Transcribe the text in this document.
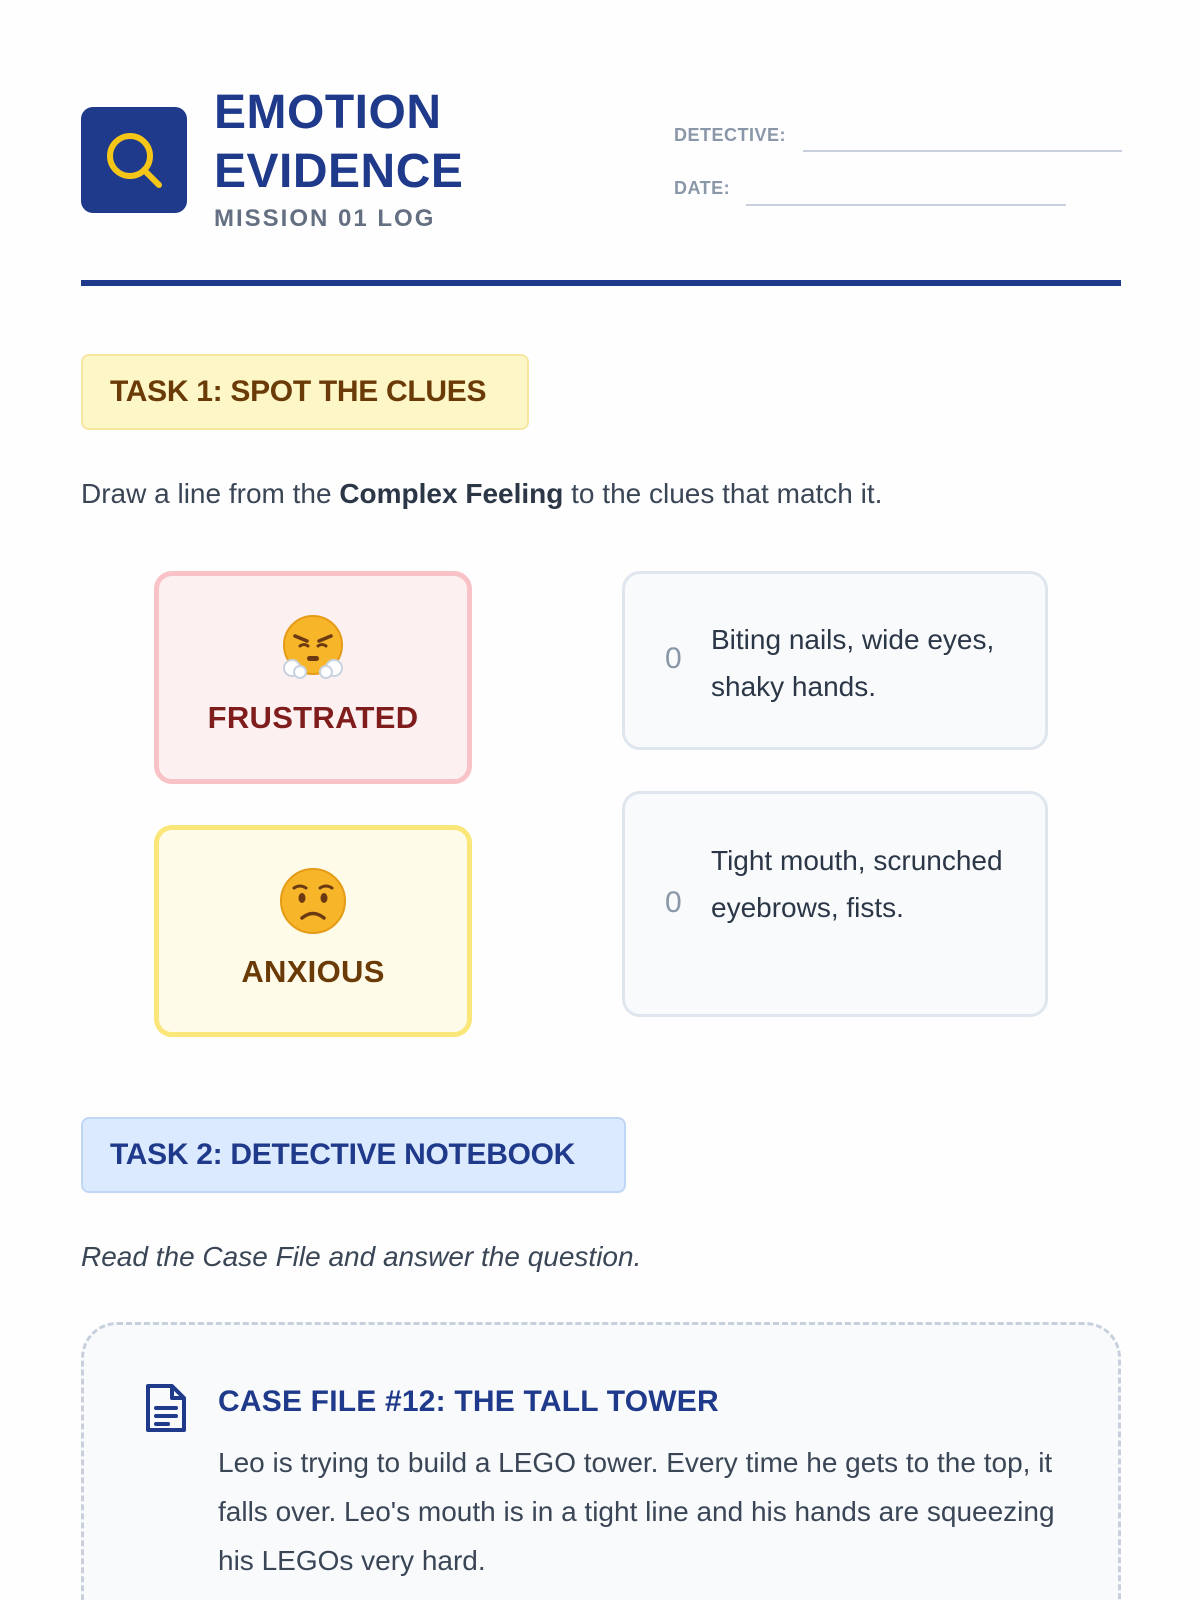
EMOTION
EVIDENCE
MISSION 01 LOG
DETECTIVE:
DATE:
TASK 1: SPOT THE CLUES
Draw a line from the Complex Feeling to the clues that match it.
FRUSTRATED
ANXIOUS
0
Biting nails, wide eyes, shaky hands.
0
Tight mouth, scrunched eyebrows, fists.
TASK 2: DETECTIVE NOTEBOOK
Read the Case File and answer the question.
CASE FILE #12: THE TALL TOWER
Leo is trying to build a LEGO tower. Every time he gets to the top, it falls over. Leo's mouth is in a tight line and his hands are squeezing his LEGOs very hard.
